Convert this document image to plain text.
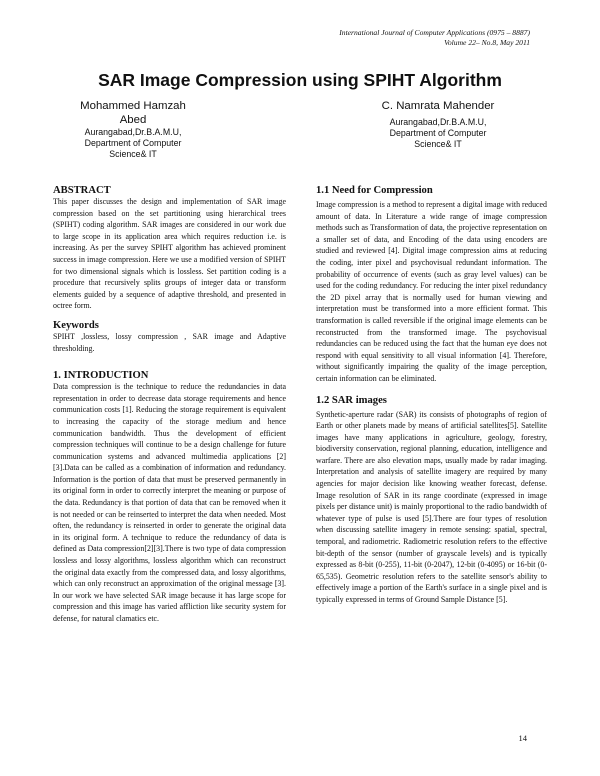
International Journal of Computer Applications (0975 – 8887)
Volume 22– No.8, May 2011
SAR Image Compression using SPIHT Algorithm
Mohammed Hamzah
Abed
Aurangabad,Dr.B.A.M.U,
Department of Computer
Science& IT
C. Namrata Mahender
Aurangabad,Dr.B.A.M.U,
Department of Computer
Science& IT
ABSTRACT

This paper discusses the design and implementation of SAR image compression based on the set partitioning using hierarchical trees (SPIHT) coding algorithm. SAR images are considered in our work due to large scope in its application area which requires reduction i.e. is increasing. As per the survey SPIHT algorithm has achieved prominent success in image compression. Here we use a modified version of SPIHT for two dimensional signals which is lossless. Set partition coding is a procedure that recursively splits groups of integer data or transform elements guided by a sequence of adaptive threshold, and presented in octree form.

Keywords

SPIHT ,lossless, lossy compression , SAR image and Adaptive thresholding.

1. INTRODUCTION

Data compression is the technique to reduce the redundancies in data representation in order to decrease data storage requirements and hence communication costs [1]. Reducing the storage requirement is equivalent to increasing the capacity of the storage medium and hence communication bandwidth. Thus the development of efficient compression techniques will continue to be a design challenge for future communication systems and advanced multimedia applications [2][3].Data can be called as a combination of information and redundancy. Information is the portion of data that must be preserved permanently in its original form in order to correctly interpret the meaning or purpose of the data. Redundancy is that portion of data that can be removed when it is not needed or can be reinserted to interpret the data when needed. Most often, the redundancy is reinserted in order to generate the original data in its original form. A technique to reduce the redundancy of data is defined as Data compression[2][3].There is two type of data compression lossless and lossy algorithms, lossless algorithm which can reconstruct the original data exactly from the compressed data, and lossy algorithms, which can only reconstruct an approximation of the original message [3]. In our work we have selected SAR image because it has large scope for compression and this image has varied affliction like security system for defense, for natural clamatics etc.

1.1 Need for Compression

Image compression is a method to represent a digital image with reduced amount of data. In Literature a wide range of image compression methods such as Transformation of data, the projective representation on a smaller set of data, and Encoding of the data using encoders are studied and reviewed [4]. Digital image compression aims at reducing the coding, inter pixel and psychovisual redundant information. The probability of occurrence of events (such as gray level values) can be used for the coding redundancy. For reducing the inter pixel redundancy the 2D pixel array that is normally used for human viewing and interpretation must be transformed into a more efficient format. This transformation is called reversible if the original image elements can be reconstructed from the transformed image. The psychovisual redundancies can be reduced using the fact that the human eye does not respond with equal sensitivity to all visual information [4]. Therefore, without significantly impairing the quality of the image perception, certain information can be eliminated.

1.2 SAR images

Synthetic-aperture radar (SAR) its consists of photographs of region of Earth or other planets made by means of artificial satellites[5]. Satellite images have many applications in agriculture, geology, forestry, biodiversity conservation, regional planning, education, intelligence and warfare. There are also elevation maps, usually made by radar imaging. Interpretation and analysis of satellite imagery are required by many agencies for major decision like knowing weather forecast, defense. Image resolution of SAR in its range coordinate (expressed in image pixels per distance unit) is mainly proportional to the radio bandwidth of whatever type of pulse is used [5].There are four types of resolution when discussing satellite imagery in remote sensing: spatial, spectral, temporal, and radiometric. Radiometric resolution refers to the effective bit-depth of the sensor (number of grayscale levels) and is typically expressed as 8-bit (0-255), 11-bit (0-2047), 12-bit (0-4095) or 16-bit (0-65,535). Geometric resolution refers to the satellite sensor's ability to effectively image a portion of the Earth's surface in a single pixel and is typically expressed in terms of Ground Sample Distance [5].

14
